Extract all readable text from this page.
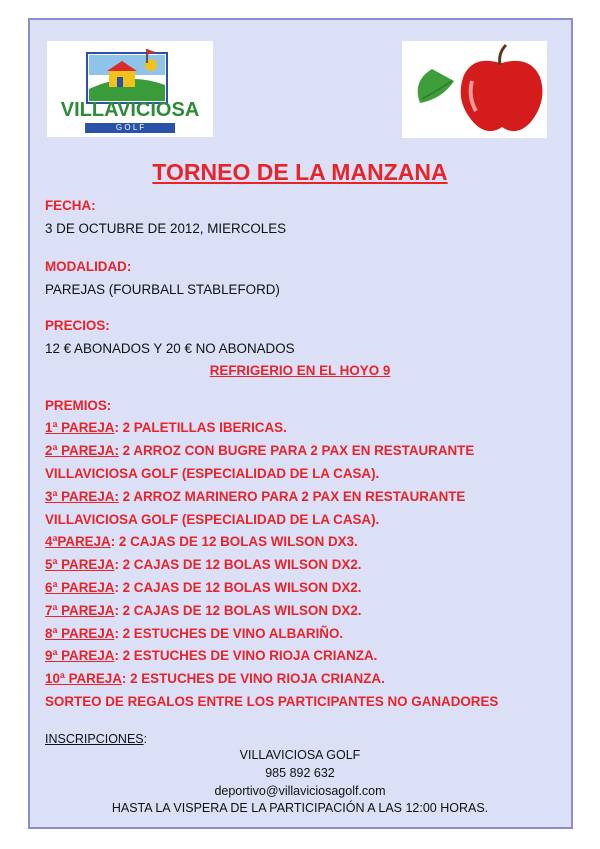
VILLAVICIOSA
G O L F
TORNEO DE LA MANZANA
FECHA:
3 DE OCTUBRE DE 2012, MIERCOLES
MODALIDAD:
PAREJAS (FOURBALL STABLEFORD)
PRECIOS:
12 € ABONADOS Y 20 € NO ABONADOS
REFRIGERIO EN EL HOYO 9
PREMIOS:
1ª PAREJA: 2 PALETILLAS IBERICAS.
2ª PAREJA: 2 ARROZ CON BUGRE PARA 2 PAX EN RESTAURANTE
VILLAVICIOSA GOLF (ESPECIALIDAD DE LA CASA).
3ª PAREJA: 2 ARROZ MARINERO PARA 2 PAX EN RESTAURANTE
VILLAVICIOSA GOLF (ESPECIALIDAD DE LA CASA).
4ªPAREJA: 2 CAJAS DE 12 BOLAS WILSON DX3.
5ª PAREJA: 2 CAJAS DE 12 BOLAS WILSON DX2.
6ª PAREJA: 2 CAJAS DE 12 BOLAS WILSON DX2.
7ª PAREJA: 2 CAJAS DE 12 BOLAS WILSON DX2.
8ª PAREJA: 2 ESTUCHES DE VINO ALBARIÑO.
9ª PAREJA: 2 ESTUCHES DE VINO RIOJA CRIANZA.
10ª PAREJA: 2 ESTUCHES DE VINO RIOJA CRIANZA.
SORTEO DE REGALOS ENTRE LOS PARTICIPANTES NO GANADORES
INSCRIPCIONES:
VILLAVICIOSA GOLF
985 892 632
deportivo@villaviciosagolf.com
HASTA LA VISPERA DE LA PARTICIPACIÓN A LAS 12:00 HORAS.
